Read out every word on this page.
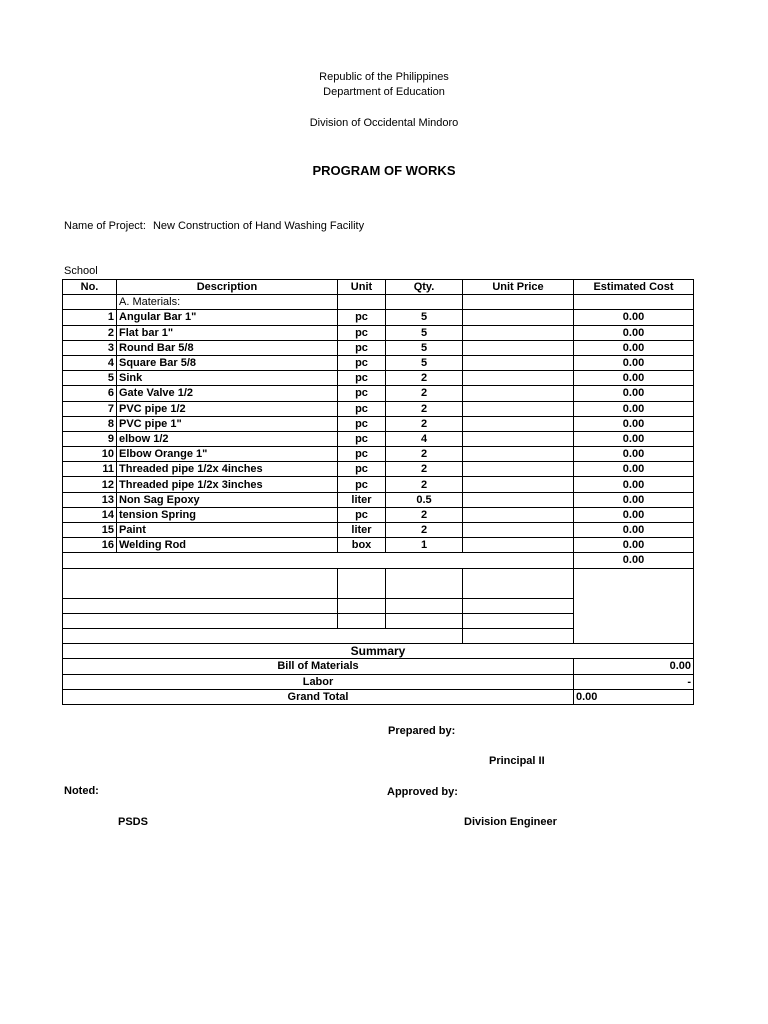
Republic of the Philippines
Department of Education
Division of Occidental Mindoro
PROGRAM OF WORKS
Name of Project: New Construction of Hand Washing Facility
School
No.	Description	Unit	Qty.	Unit Price	Estimated Cost
	A. Materials:				
1	Angular Bar 1"	pc	5		0.00
2	Flat bar 1"	pc	5		0.00
3	Round Bar 5/8	pc	5		0.00
4	Square Bar 5/8	pc	5		0.00
5	Sink	pc	2		0.00
6	Gate Valve 1/2	pc	2		0.00
7	PVC pipe 1/2	pc	2		0.00
8	PVC pipe 1"	pc	2		0.00
9	elbow 1/2	pc	4		0.00
10	Elbow Orange 1"	pc	2		0.00
11	Threaded pipe 1/2x 4inches	pc	2		0.00
12	Threaded pipe 1/2x 3inches	pc	2		0.00
13	Non Sag Epoxy	liter	0.5		0.00
14	tension Spring	pc	2		0.00
15	Paint	liter	2		0.00
16	Welding Rod	box	1		0.00
					0.00

Summary					
Bill of Materials					0.00
Labor					-
Grand Total					0.00
Prepared by:
Principal II
Noted:	Approved by:
PSDS	Division Engineer
